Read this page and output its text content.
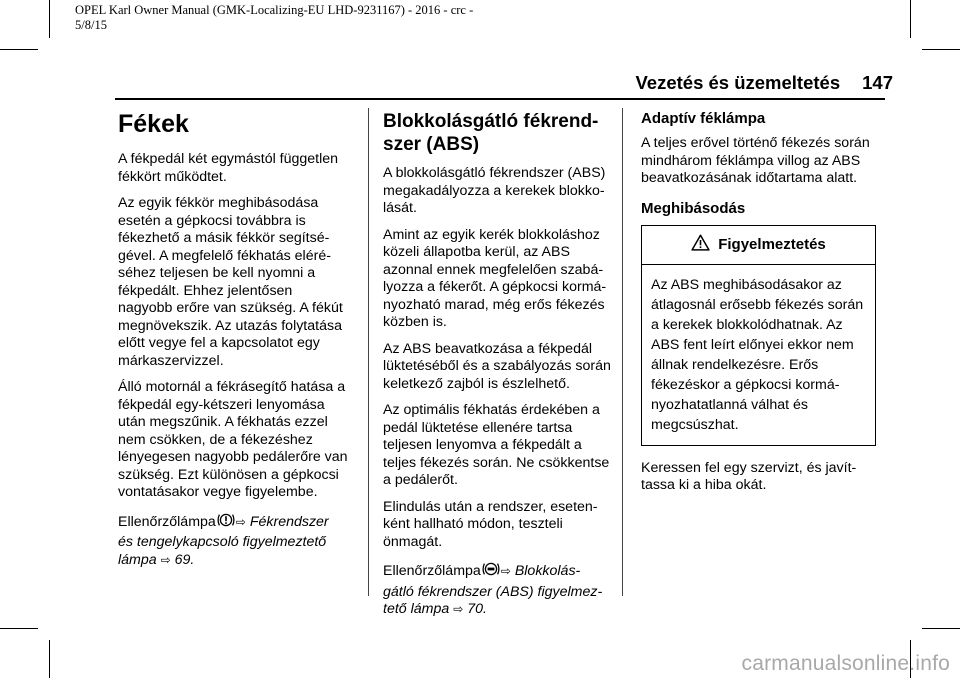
OPEL Karl Owner Manual (GMK-Localizing-EU LHD-9231167) - 2016 - crc -
5/8/15
Vezetés és üzemeltetés 147
Fékek

A fékpedál két egymástól független
fékkört működtet.

Az egyik fékkör meghibásodása
esetén a gépkocsi továbbra is
fékezhető a másik fékkör segítsé-
gével. A megfelelő fékhatás eléré-
séhez teljesen be kell nyomni a
fékpedált. Ehhez jelentősen
nagyobb erőre van szükség. A fékút
megnövekszik. Az utazás folytatása
előtt vegye fel a kapcsolatot egy
márkaszervizzel.

Álló motornál a fékrásegítő hatása a
fékpedál egy-kétszeri lenyomása
után megszűnik. A fékhatás ezzel
nem csökken, de a fékezéshez
lényegesen nagyobb pedálerőre van
szükség. Ezt különösen a gépkocsi
vontatásakor vegye figyelembe.

Ellenőrzőlámpa ⇨ Fékrendszer
és tengelykapcsoló figyelmeztető
lámpa ⇨ 69.

Blokkolásgátló fékrend-
szer (ABS)

A blokkolásgátló fékrendszer (ABS)
megakadályozza a kerekek blokko-
lását.

Amint az egyik kerék blokkoláshoz
közeli állapotba kerül, az ABS
azonnal ennek megfelelően szabá-
lyozza a fékerőt. A gépkocsi kormá-
nyozható marad, még erős fékezés
közben is.

Az ABS beavatkozása a fékpedál
lüktetéséből és a szabályozás során
keletkező zajból is észlelhető.

Az optimális fékhatás érdekében a
pedál lüktetése ellenére tartsa
teljesen lenyomva a fékpedált a
teljes fékezés során. Ne csökkentse
a pedálerőt.

Elindulás után a rendszer, eseten-
ként hallható módon, teszteli
önmagát.

Ellenőrzőlámpa ⇨ Blokkolás-
gátló fékrendszer (ABS) figyelmez-
tető lámpa ⇨ 70.

Adaptív féklámpa

A teljes erővel történő fékezés során
mindhárom féklámpa villog az ABS
beavatkozásának időtartama alatt.

Meghibásodás
Figyelmeztetés
Az ABS meghibásodásakor az
átlagosnál erősebb fékezés során
a kerekek blokkolódhatnak. Az
ABS fent leírt előnyei ekkor nem
állnak rendelkezésre. Erős
fékezéskor a gépkocsi kormá-
nyozhatatlanná válhat és
megcsúszhat.

Keressen fel egy szervizt, és javít-
tassa ki a hiba okát.

carmanualsonline.info
